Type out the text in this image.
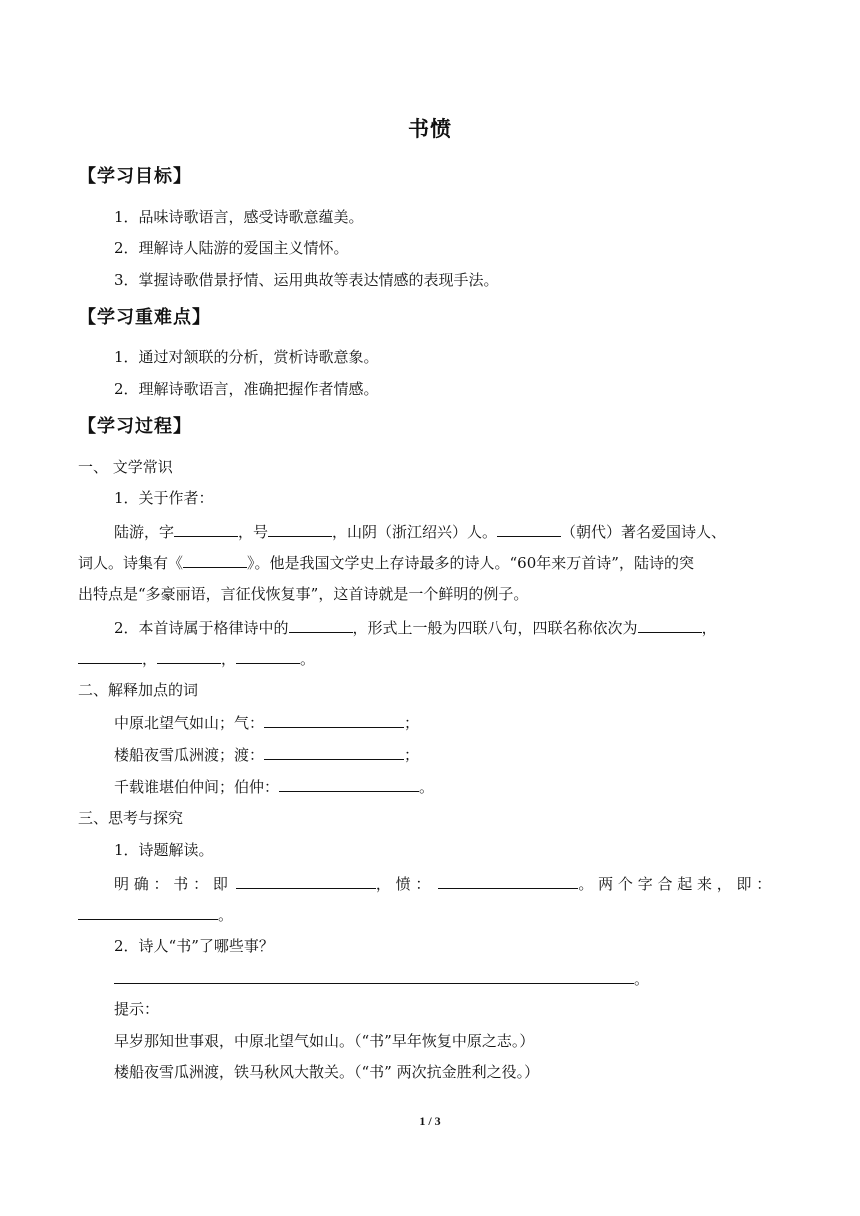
书愤
【学习目标】
1．品味诗歌语言，感受诗歌意蕴美。
2．理解诗人陆游的爱国主义情怀。
3．掌握诗歌借景抒情、运用典故等表达情感的表现手法。
【学习重难点】
1．通过对颔联的分析，赏析诗歌意象。
2．理解诗歌语言，准确把握作者情感。
【学习过程】
一、 文学常识
1．关于作者：
陆游，字	，号	，山阴（浙江绍兴）人。	（朝代）著名爱国诗人、
词人。诗集有《	》。他是我国文学史上存诗最多的诗人。“60年来万首诗”，陆诗的突
出特点是“多豪丽语，言征伐恢复事”，这首诗就是一个鲜明的例子。
2．本首诗属于格律诗中的	，形式上一般为四联八句，四联名称依次为	，
，	，	。
二、解释加点的词
中原北望气如山；气：	；
楼船夜雪瓜洲渡；渡：	；
千载谁堪伯仲间；伯仲：	。
三、思考与探究
1．诗题解读。
明 确 ： 书 ： 即	， 愤 ：	。 两 个 字 合 起 来 ， 即 ：
。
2．诗人“书”了哪些事？
。
提示：
早岁那知世事艰，中原北望气如山。（“书”早年恢复中原之志。）
楼船夜雪瓜洲渡，铁马秋风大散关。（“书” 两次抗金胜利之役。）
1 / 3
